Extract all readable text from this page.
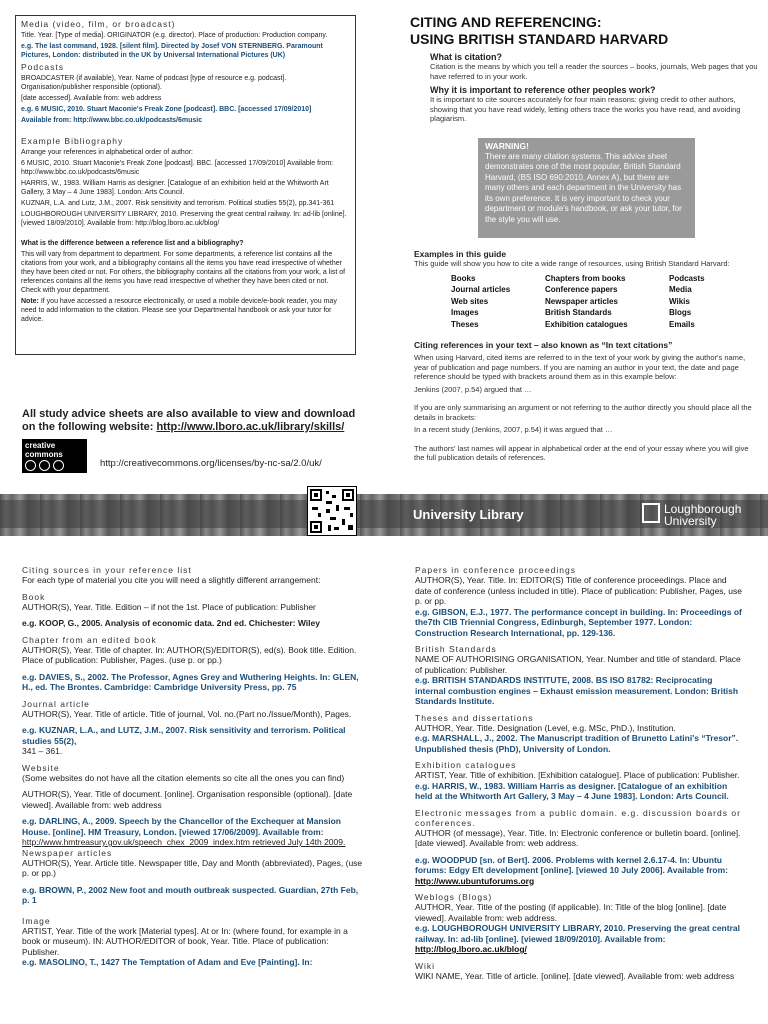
Media (video, film, or broadcast)
Title. Year. [Type of media]. ORIGINATOR (e.g. director). Place of production: Production company.
e.g. The last command, 1928. [silent film]. Directed by Josef VON STERNBERG. Paramount Pictures, London: distributed in the UK by Universal International Pictures (UK)
Podcasts
BROADCASTER (if available), Year. Name of podcast [type of resource e.g. podcast]. Organisation/publisher responsible (optional).
[date accessed]. Available from: web address
e.g. 6 MUSIC, 2010. Stuart Maconie's Freak Zone [podcast]. BBC. [accessed 17/09/2010]
Available from: http://www.bbc.co.uk/podcasts/6music
Example Bibliography
Arrange your references in alphabetical order of author:
6 MUSIC, 2010. Stuart Maconie's Freak Zone [podcast]. BBC. [accessed 17/09/2010] Available from: http://www.bbc.co.uk/podcasts/6music
HARRIS, W., 1983. William Harris as designer. [Catalogue of an exhibition held at the Whitworth Art Gallery, 3 May – 4 June 1983]. London: Arts Council.
KUZNAR, L.A. and Lutz, J.M., 2007. Risk sensitivity and terrorism. Political studies 55(2), pp.341-361
LOUGHBOROUGH UNIVERSITY LIBRARY, 2010. Preserving the great central railway. In: ad-lib [online]. [viewed 18/09/2010]. Available from: http://blog.lboro.ac.uk/blog/
What is the difference between a reference list and a bibliography?
This will vary from department to department. For some departments, a reference list contains all the citations from your work, and a bibliography contains all the items you have read irrespective of whether they have been cited or not. For others, the bibliography contains all the citations from your work, a list of references contains all the items you have read irrespective of whether they have been cited or not. Check with your department.
Note: If you have accessed a resource electronically, or used a mobile device/e-book reader, you may need to add information to the citation. Please see your Departmental handbook or ask your tutor for advice.
All study advice sheets are also available to view and download
on the following website: http://www.lboro.ac.uk/library/skills/
creative
commons
http://creativecommons.org/licenses/by-nc-sa/2.0/uk/
CITING AND REFERENCING:
USING BRITISH STANDARD HARVARD
What is citation?
Citation is the means by which you tell a reader the sources – books, journals, Web pages that you have referred to in your work.
Why it is important to reference other peoples work?
It is important to cite sources accurately for four main reasons: giving credit to other authors, showing that you have read widely, letting others trace the works you have read, and avoiding plagiarism.
WARNING!
There are many citation systems. This advice sheet demonstrates one of the most popular, British Standard Harvard, (BS ISO 690:2010, Annex A), but there are many others and each department in the University has its own preference. It is very important to check your department or module's handbook, or ask your tutor, for the style you will use.
Examples in this guide
This guide will show you how to cite a wide range of resources, using British Standard Harvard:
Books	Chapters from books	Podcasts
Journal articles	Conference papers	Media
Web sites	Newspaper articles	Wikis
Images	British Standards	Blogs
Theses	Exhibition catalogues	Emails
Citing references in your text – also known as “In text citations”
When using Harvard, cited items are referred to in the text of your work by giving the author's name, year of publication and page numbers. If you are naming an author in your text, the date and page reference should be typed with brackets around them as in this example below:
Jenkins (2007, p.54) argued that …
If you are only summarising an argument or not referring to the author directly you should place all the details in brackets:
In a recent study (Jenkins, 2007, p.54) it was argued that …
The authors' last names will appear in alphabetical order at the end of your essay where you will give the full publication details of references.
University Library	Loughborough
University
Citing sources in your reference list
For each type of material you cite you will need a slightly different arrangement:
Book
AUTHOR(S), Year. Title. Edition – if not the 1st. Place of publication: Publisher
e.g. KOOP, G., 2005. Analysis of economic data. 2nd ed. Chichester: Wiley
Chapter from an edited book
AUTHOR(S), Year. Title of chapter. In: AUTHOR(S)/EDITOR(S), ed(s). Book title. Edition. Place of publication: Publisher, Pages. (use p. or pp.)
e.g. DAVIES, S., 2002. The Professor, Agnes Grey and Wuthering Heights. In: GLEN, H., ed. The Brontes. Cambridge: Cambridge University Press, pp. 75
Journal article
AUTHOR(S), Year. Title of article. Title of journal, Vol. no.(Part no./Issue/Month), Pages.
e.g. KUZNAR, L.A., and LUTZ, J.M., 2007. Risk sensitivity and terrorism. Political studies 55(2),
341 – 361.
Website
(Some websites do not have all the citation elements so cite all the ones you can find)
AUTHOR(S), Year. Title of document. [online]. Organisation responsible (optional). [date viewed]. Available from: web address
e.g. DARLING, A., 2009. Speech by the Chancellor of the Exchequer at Mansion House. [online]. HM Treasury, London. [viewed 17/06/2009]. Available from:
http://www.hmtreasury.gov.uk/speech_chex_2009_index.htm retrieved July 14th 2009.
Newspaper articles
AUTHOR(S), Year. Article title. Newspaper title, Day and Month (abbreviated), Pages, (use p. or pp.)
e.g. BROWN, P., 2002 New foot and mouth outbreak suspected. Guardian, 27th Feb, p. 1
Image
ARTIST, Year. Title of the work [Material types]. At or In: (where found, for example in a book or museum). IN: AUTHOR/EDITOR of book, Year. Title. Place of publication: Publisher.
e.g. MASOLINO, T., 1427 The Temptation of Adam and Eve [Painting]. In:
Papers in conference proceedings
AUTHOR(S), Year. Title. In: EDITOR(S) Title of conference proceedings. Place and date of conference (unless included in title). Place of publication: Publisher, Pages, use p. or pp.
e.g. GIBSON, E.J., 1977. The performance concept in building. In: Proceedings of the7th CIB Triennial Congress, Edinburgh, September 1977. London: Construction Research International, pp. 129-136.
British Standards
NAME OF AUTHORISING ORGANISATION, Year. Number and title of standard. Place of publication: Publisher.
e.g. BRITISH STANDARDS INSTITUTE, 2008. BS ISO 81782: Reciprocating internal combustion engines – Exhaust emission measurement. London: British Standards Institute.
Theses and dissertations
AUTHOR, Year. Title. Designation (Level, e.g. MSc, PhD.), Institution.
e.g. MARSHALL, J., 2002. The Manuscript tradition of Brunetto Latini's “Tresor”. Unpublished thesis (PhD), University of London.
Exhibition catalogues
ARTIST, Year. Title of exhibition. [Exhibition catalogue]. Place of publication: Publisher.
e.g. HARRIS, W., 1983. William Harris as designer. [Catalogue of an exhibition held at the Whitworth Art Gallery, 3 May – 4 June 1983]. London: Arts Council.
Electronic messages from a public domain. e.g. discussion boards or conferences.
AUTHOR (of message), Year. Title. In: Electronic conference or bulletin board. [online]. [date viewed]. Available from: web address.
e.g. WOODPUD [sn. of Bert]. 2006. Problems with kernel 2.6.17-4. In: Ubuntu forums: Edgy Eft development [online]. [viewed 10 July 2006]. Available from:
http://www.ubuntuforums.org
Weblogs (Blogs)
AUTHOR, Year. Title of the posting (if applicable). In: Title of the blog [online]. [date viewed]. Available from: web address.
e.g. LOUGHBOROUGH UNIVERSITY LIBRARY, 2010. Preserving the great central railway. In: ad-lib [online]. [viewed 18/09/2010]. Available from:
http://blog.lboro.ac.uk/blog/
Wiki
WIKI NAME, Year. Title of article. [online]. [date viewed]. Available from: web address
